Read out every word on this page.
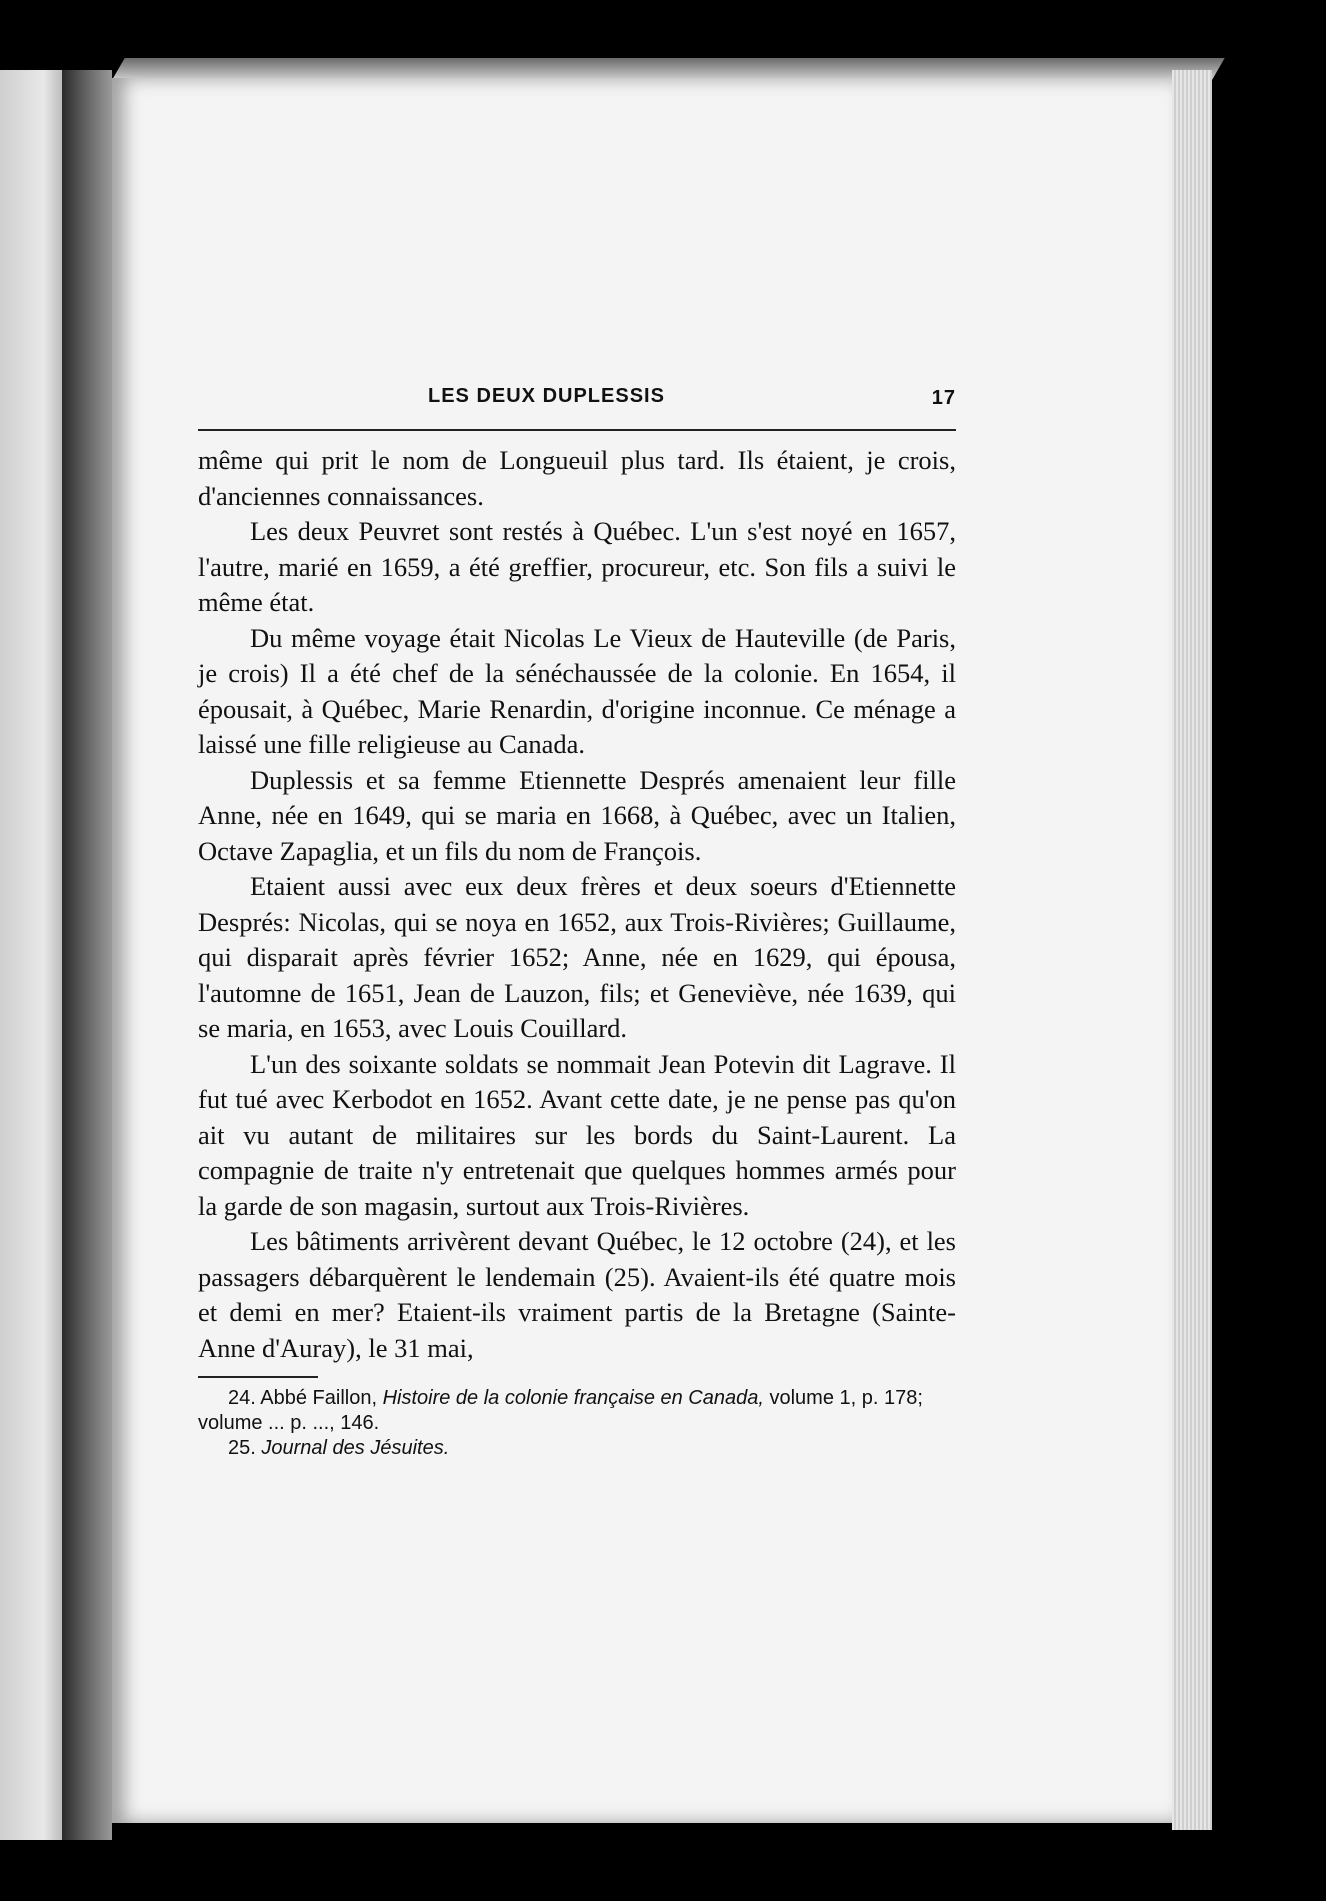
LES DEUX DUPLESSIS	17

même qui prit le nom de Longueuil plus tard. Ils étaient, je crois, d'anciennes connaissances.

Les deux Peuvret sont restés à Québec. L'un s'est noyé en 1657, l'autre, marié en 1659, a été greffier, procureur, etc. Son fils a suivi le même état.

Du même voyage était Nicolas Le Vieux de Hauteville (de Paris, je crois) Il a été chef de la sénéchaussée de la colonie. En 1654, il épousait, à Québec, Marie Renardin, d'origine inconnue. Ce ménage a laissé une fille religieuse au Canada.

Duplessis et sa femme Etiennette Després amenaient leur fille Anne, née en 1649, qui se maria en 1668, à Québec, avec un Italien, Octave Zapaglia, et un fils du nom de François.

Etaient aussi avec eux deux frères et deux soeurs d'Etiennette Després: Nicolas, qui se noya en 1652, aux Trois-Rivières; Guillaume, qui disparait après février 1652; Anne, née en 1629, qui épousa, l'automne de 1651, Jean de Lauzon, fils; et Geneviève, née 1639, qui se maria, en 1653, avec Louis Couillard.

L'un des soixante soldats se nommait Jean Potevin dit Lagrave. Il fut tué avec Kerbodot en 1652. Avant cette date, je ne pense pas qu'on ait vu autant de militaires sur les bords du Saint-Laurent. La compagnie de traite n'y entretenait que quelques hommes armés pour la garde de son magasin, surtout aux Trois-Rivières.

Les bâtiments arrivèrent devant Québec, le 12 octobre (24), et les passagers débarquèrent le lendemain (25). Avaient-ils été quatre mois et demi en mer? Etaient-ils vraiment partis de la Bretagne (Sainte-Anne d'Auray), le 31 mai,

24. Abbé Faillon, Histoire de la colonie française en Canada, volume 1, p. 178; volume ... p. ..., 146.

25. Journal des Jésuites.
